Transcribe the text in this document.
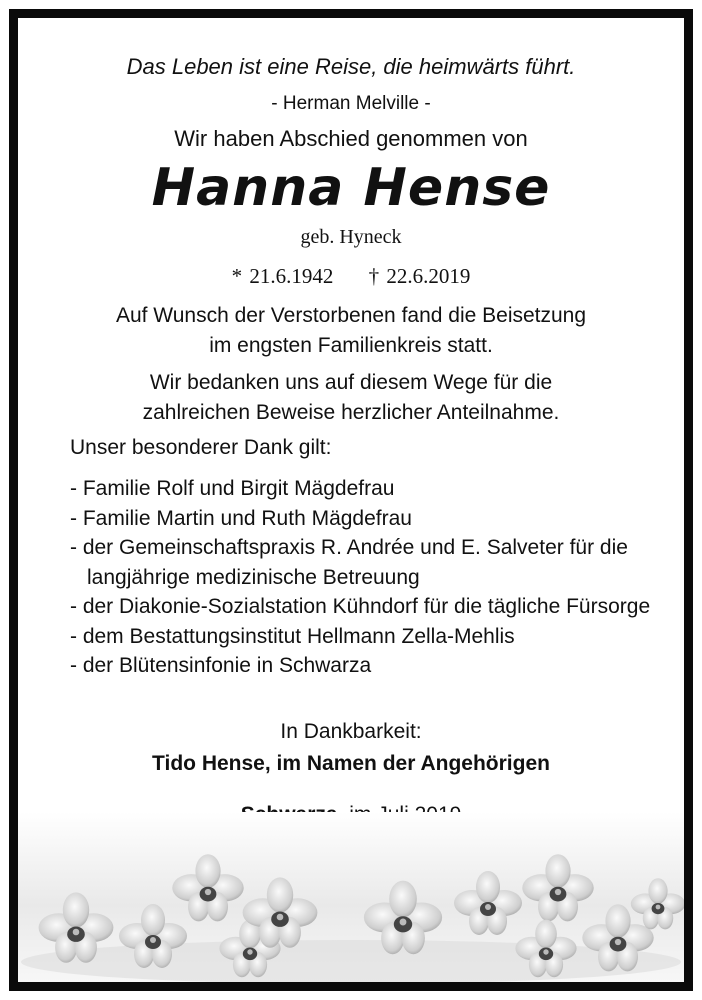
Das Leben ist eine Reise, die heimwärts führt.
- Herman Melville -
Wir haben Abschied genommen von
Hanna Hense
geb. Hyneck
* 21.6.1942 † 22.6.2019
Auf Wunsch der Verstorbenen fand die Beisetzung
im engsten Familienkreis statt.
Wir bedanken uns auf diesem Wege für die
zahlreichen Beweise herzlicher Anteilnahme.
Unser besonderer Dank gilt:
- Familie Rolf und Birgit Mägdefrau
- Familie Martin und Ruth Mägdefrau
- der Gemeinschaftspraxis R. Andrée und E. Salveter für die langjährige medizinische Betreuung
- der Diakonie-Sozialstation Kühndorf für die tägliche Fürsorge
- dem Bestattungsinstitut Hellmann Zella-Mehlis
- der Blütensinfonie in Schwarza
In Dankbarkeit:
Tido Hense, im Namen der Angehörigen
